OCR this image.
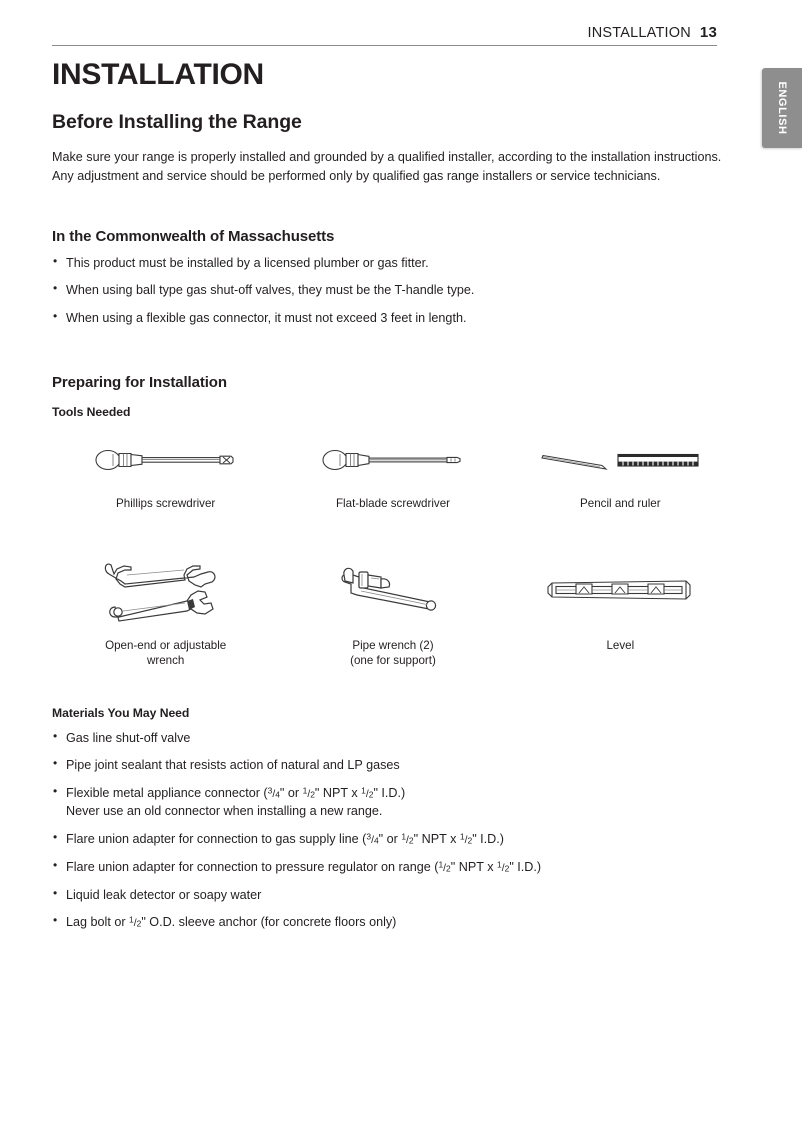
INSTALLATION 13
ENGLISH
INSTALLATION
Before Installing the Range

Make sure your range is properly installed and grounded by a qualified installer, according to the installation instructions. Any adjustment and service should be performed only by qualified gas range installers or service technicians.

In the Commonwealth of Massachusetts
• This product must be installed by a licensed plumber or gas fitter.
• When using ball type gas shut-off valves, they must be the T-handle type.
• When using a flexible gas connector, it must not exceed 3 feet in length.
Preparing for Installation
Tools Needed
Phillips screwdriver	Flat-blade screwdriver	Pencil and ruler
Open-end or adjustable
wrench
Pipe wrench (2)
(one for support)
Level
Materials You May Need
• Gas line shut-off valve
• Pipe joint sealant that resists action of natural and LP gases
• Flexible metal appliance connector ($^3/_4$" or $^1/_2$" NPT x $^1/_2$" I.D.)
Never use an old connector when installing a new range.
• Flare union adapter for connection to gas supply line ($^3/_4$" or $^1/_2$" NPT x $^1/_2$" I.D.)
• Flare union adapter for connection to pressure regulator on range ($^1/_2$" NPT x $^1/_2$" I.D.)
• Liquid leak detector or soapy water
• Lag bolt or $^1/_2$" O.D. sleeve anchor (for concrete floors only)
